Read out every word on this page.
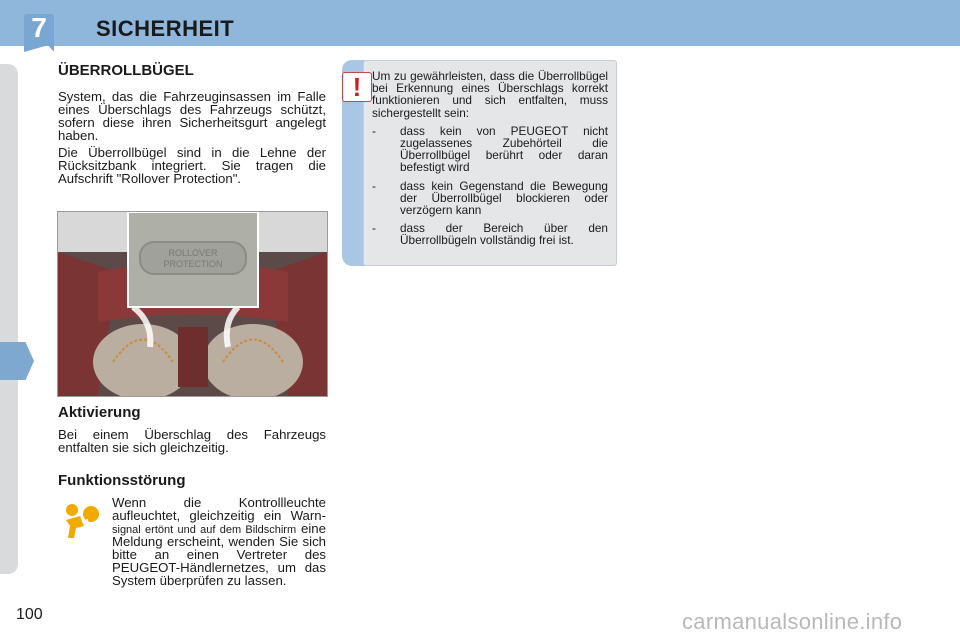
7	SICHERHEIT
ÜBERROLLBÜGEL

System, das die Fahrzeuginsassen im Falle eines Überschlags des Fahrzeugs schützt, sofern diese ihren Sicherheitsgurt angelegt haben.

Die Überrollbügel sind in die Lehne der Rücksitzbank integriert. Sie tragen die Aufschrift "Rollover Protection".

ROLLOVER
PROTECTION
Aktivierung

Bei einem Überschlag des Fahrzeugs entfalten sie sich gleichzeitig.

Funktionsstörung
Wenn die Kontrollleuchte aufleuchtet, gleichzeitig ein Warn- signal ertönt und auf dem Bildschirm eine Meldung erscheint, wenden Sie sich bitte an einen Vertreter des PEUGEOT-Händlernetzes, um das System überprüfen zu lassen.
! Um zu gewährleisten, dass die Überrollbügel bei Erkennung eines Überschlags korrekt funktionieren und sich entfalten, muss sichergestellt sein:

-	dass kein von PEUGEOT nicht zugelassenes Zubehörteil die Überrollbügel berührt oder daran befestigt wird
-	dass kein Gegenstand die Bewegung der Überrollbügel blockieren oder verzögern kann
-	dass der Bereich über den Überrollbügeln vollständig frei ist.
100	carmanualsonline.info
